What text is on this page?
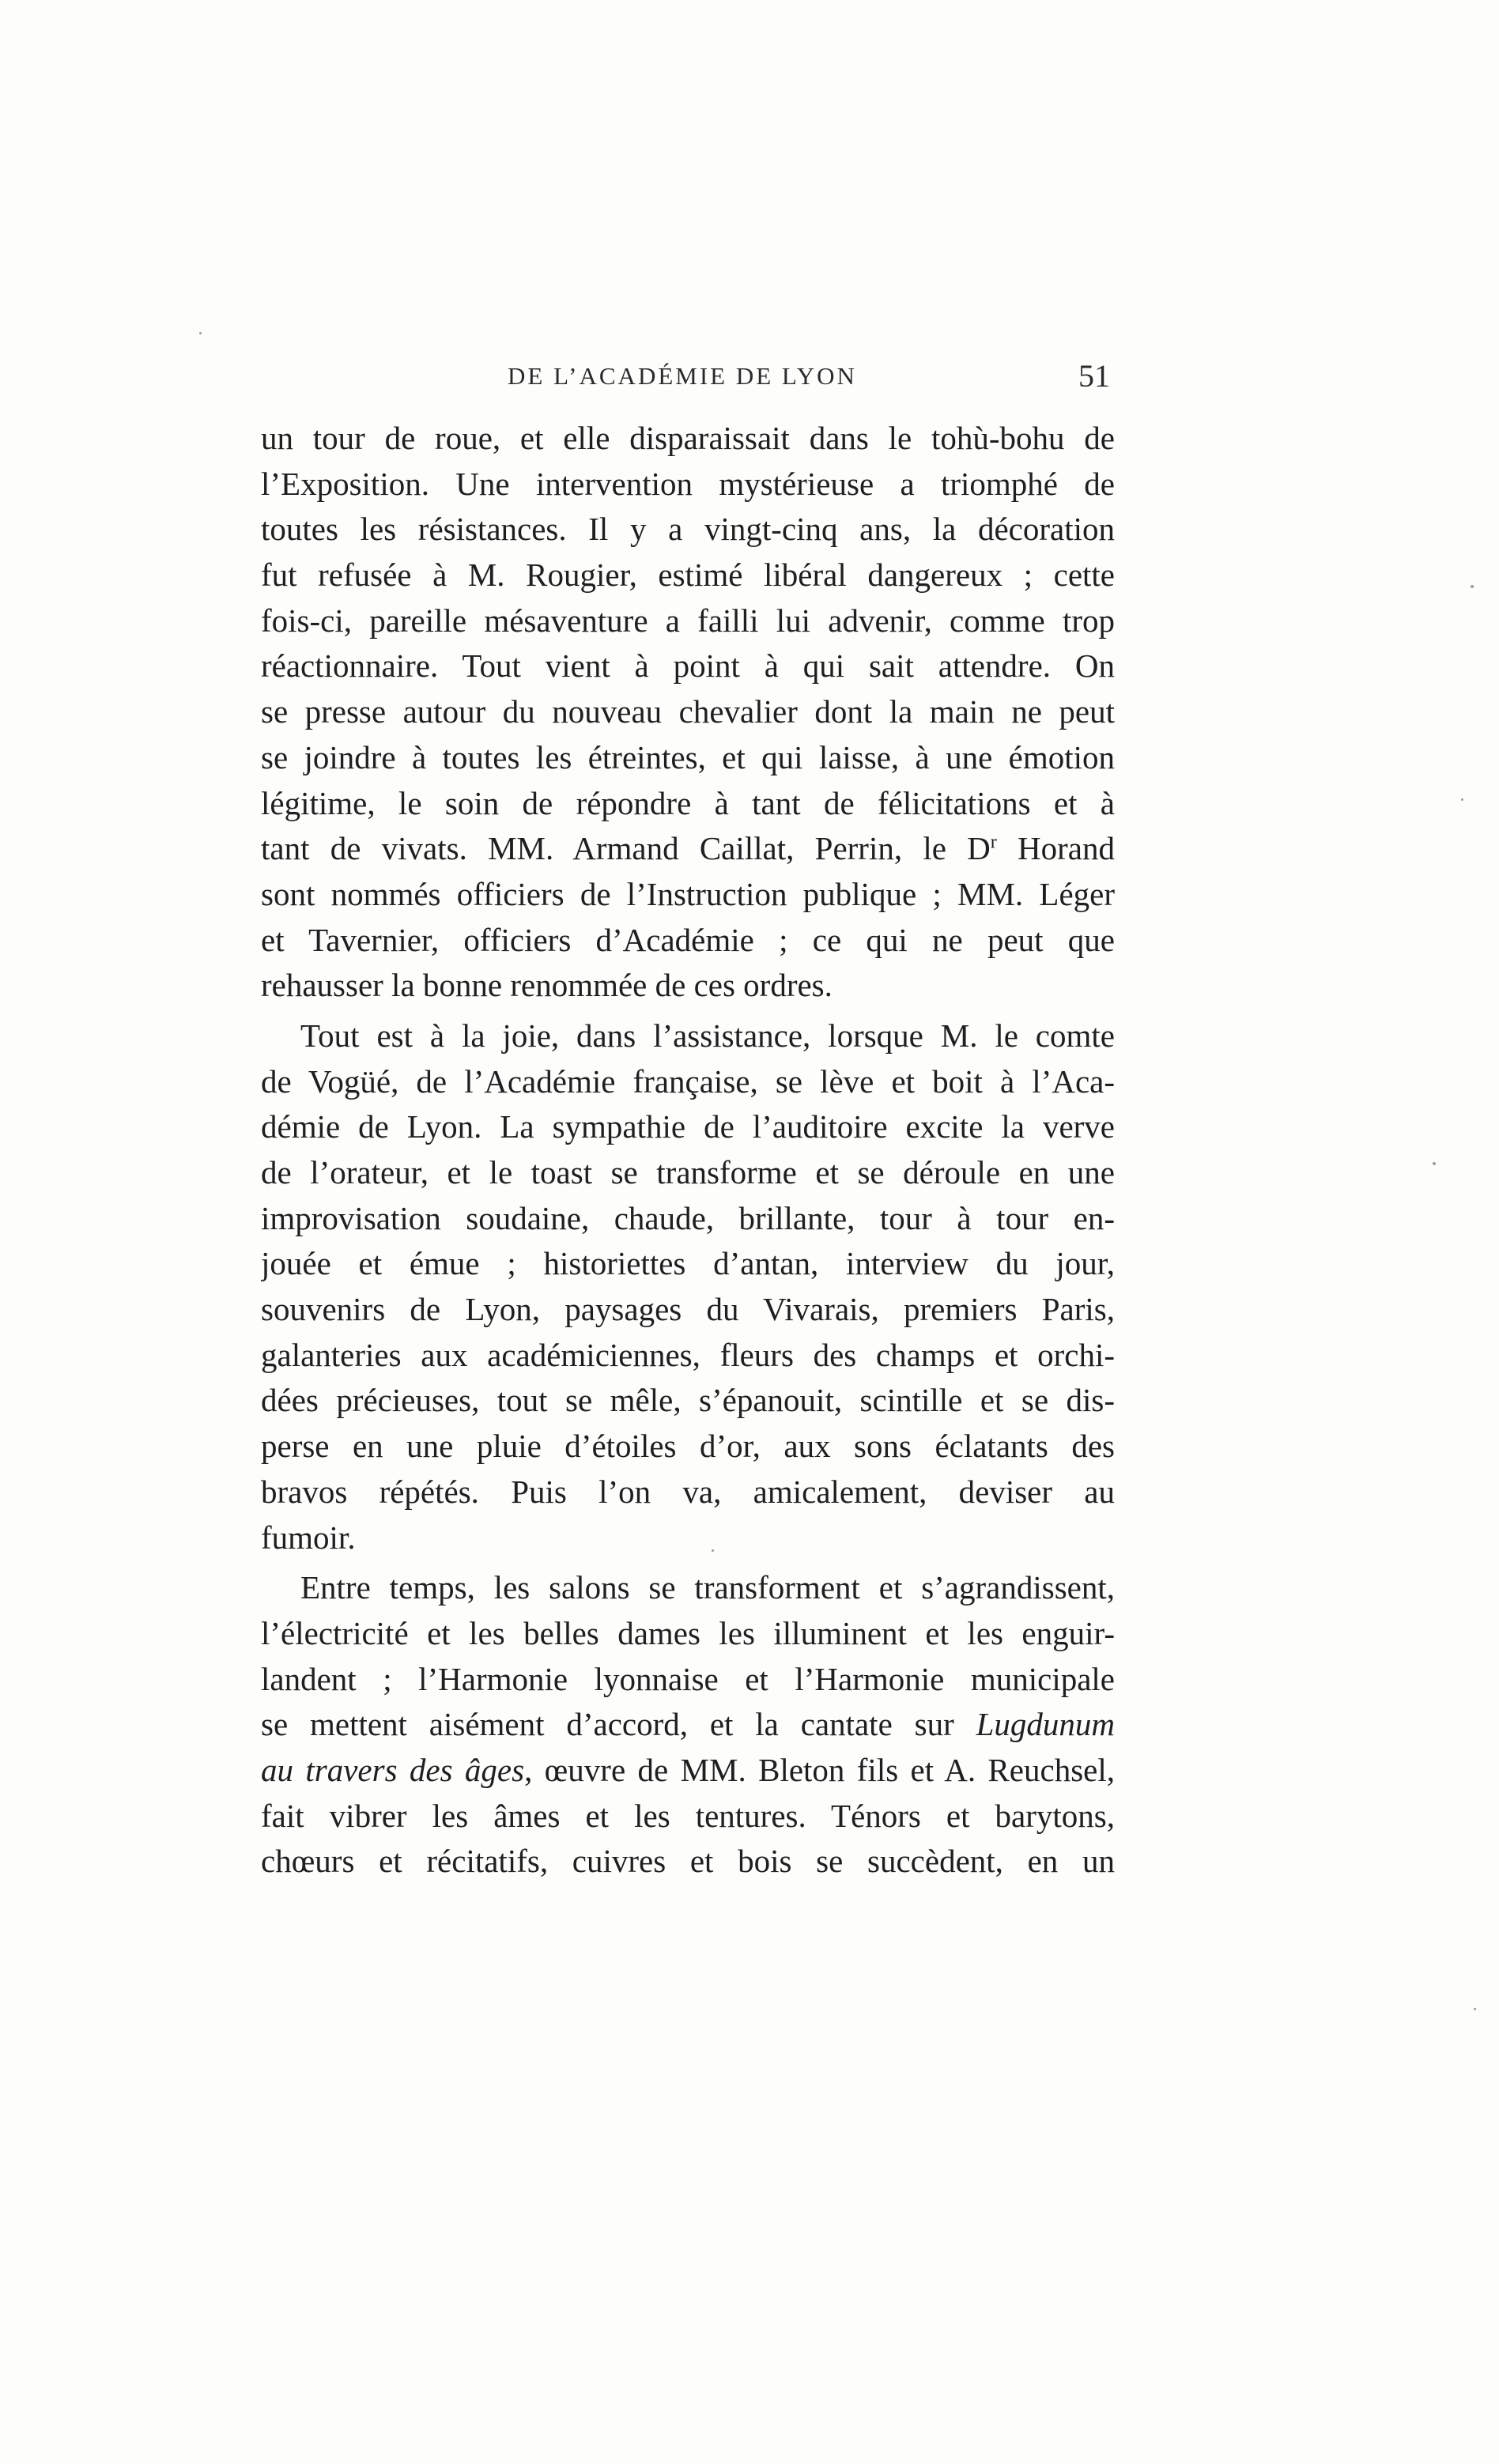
DE L’ACADÉMIE DE LYON	51
un tour de roue, et elle disparaissait dans le tohù-bohu de
l’Exposition. Une intervention mystérieuse a triomphé de
toutes les résistances. Il y a vingt-cinq ans, la décoration
fut refusée à M. Rougier, estimé libéral dangereux ; cette
fois-ci, pareille mésaventure a failli lui advenir, comme trop
réactionnaire. Tout vient à point à qui sait attendre. On
se presse autour du nouveau chevalier dont la main ne peut
se joindre à toutes les étreintes, et qui laisse, à une émotion
légitime, le soin de répondre à tant de félicitations et à
tant de vivats. MM. Armand Caillat, Perrin, le $D^r$ Horand
sont nommés officiers de l’Instruction publique ; MM. Léger
et Tavernier, officiers d’Académie ; ce qui ne peut que
rehausser la bonne renommée de ces ordres.
Tout est à la joie, dans l’assistance, lorsque M. le comte
de Vogüé, de l’Académie française, se lève et boit à l’Aca-
démie de Lyon. La sympathie de l’auditoire excite la verve
de l’orateur, et le toast se transforme et se déroule en une
improvisation soudaine, chaude, brillante, tour à tour en-
jouée et émue ; historiettes d’antan, interview du jour,
souvenirs de Lyon, paysages du Vivarais, premiers Paris,
galanteries aux académiciennes, fleurs des champs et orchi-
dées précieuses, tout se mêle, s’épanouit, scintille et se dis-
perse en une pluie d’étoiles d’or, aux sons éclatants des
bravos répétés. Puis l’on va, amicalement, deviser au
fumoir.
Entre temps, les salons se transforment et s’agrandissent,
l’électricité et les belles dames les illuminent et les enguir-
landent ; l’Harmonie lyonnaise et l’Harmonie municipale
se mettent aisément d’accord, et la cantate sur Lugdunum
au travers des âges, œuvre de MM. Bleton fils et A. Reuchsel,
fait vibrer les âmes et les tentures. Ténors et barytons,
chœurs et récitatifs, cuivres et bois se succèdent, en un
